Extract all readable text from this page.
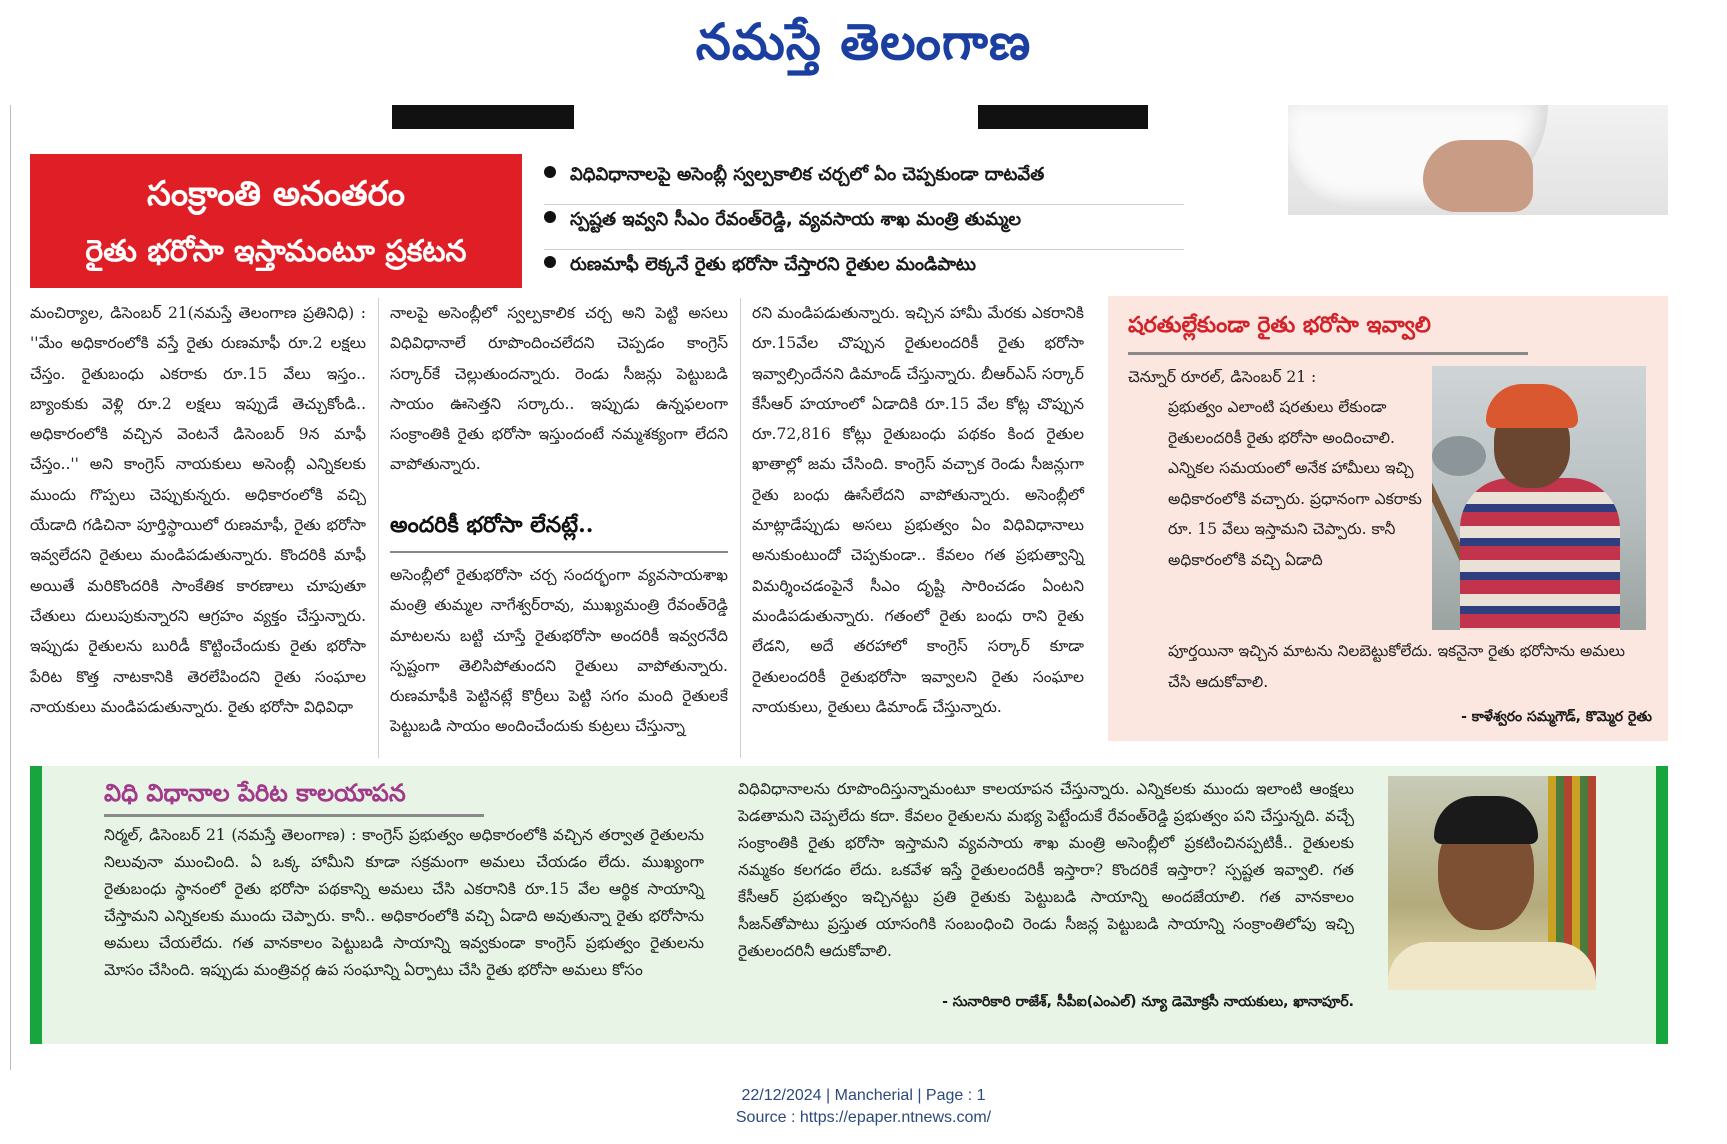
నమస్తే తెలంగాణ
సంక్రాంతి అనంతరం
రైతు భరోసా ఇస్తామంటూ ప్రకటన
విధివిధానాలపై అసెంబ్లీ స్వల్పకాలిక చర్చలో ఏం చెప్పకుండా దాటవేత
స్పష్టత ఇవ్వని సీఎం రేవంత్‌రెడ్డి, వ్యవసాయ శాఖ మంత్రి తుమ్మల
రుణమాఫీ లెక్కనే రైతు భరోసా చేస్తారని రైతుల మండిపాటు
మంచిర్యాల, డిసెంబర్ 21(నమస్తే తెలంగాణ ప్రతినిధి) : ''మేం అధికారంలోకి వస్తే రైతు రుణమాఫీ రూ.2 లక్షలు చేస్తం. రైతుబంధు ఎకరాకు రూ.15 వేలు ఇస్తం.. బ్యాంకుకు వెళ్లి రూ.2 లక్షలు ఇప్పుడే తెచ్చుకోండి.. అధికారంలోకి వచ్చిన వెంటనే డిసెంబర్ 9న మాఫీ చేస్తం..'' అని కాంగ్రెస్ నాయకులు అసెంబ్లీ ఎన్నికలకు ముందు గొప్పలు చెప్పుకున్నరు. అధికారంలోకి వచ్చి యేడాది గడిచినా పూర్తిస్థాయిలో రుణమాఫీ, రైతు భరోసా ఇవ్వలేదని రైతులు మండిపడుతున్నారు. కొందరికి మాఫీ అయితే మరికొందరికి సాంకేతిక కారణాలు చూపుతూ చేతులు దులుపుకున్నారని ఆగ్రహం వ్యక్తం చేస్తున్నారు. ఇప్పుడు రైతులను బురిడీ కొట్టించేందుకు రైతు భరోసా పేరిట కొత్త నాటకానికి తెరలేపిందని రైతు సంఘాల నాయకులు మండిపడుతున్నారు. రైతు భరోసా విధివిధా
నాలపై అసెంబ్లీలో స్వల్పకాలిక చర్చ అని పెట్టి అసలు విధివిధానాలే రూపొందించలేదని చెప్పడం కాంగ్రెస్ సర్కార్‌కే చెల్లుతుందన్నారు. రెండు సీజన్లు పెట్టుబడి సాయం ఊసెత్తని సర్కారు.. ఇప్పుడు ఉన్నఫలంగా సంక్రాంతికి రైతు భరోసా ఇస్తుందంటే నమ్మశక్యంగా లేదని వాపోతున్నారు.
అందరికీ భరోసా లేనట్లే..
అసెంబ్లీలో రైతుభరోసా చర్చ సందర్భంగా వ్యవసాయశాఖ మంత్రి తుమ్మల నాగేశ్వర్‌రావు, ముఖ్యమంత్రి రేవంత్‌రెడ్డి మాటలను బట్టి చూస్తే రైతుభరోసా అందరికీ ఇవ్వరనేది స్పష్టంగా తెలిసిపోతుందని రైతులు వాపోతున్నారు. రుణమాఫీకి పెట్టినట్లే కొర్రీలు పెట్టి సగం మంది రైతులకే పెట్టుబడి సాయం అందించేందుకు కుట్రలు చేస్తున్నా
రని మండిపడుతున్నారు. ఇచ్చిన హామీ మేరకు ఎకరానికి రూ.15వేల చొప్పున రైతులందరికీ రైతు భరోసా ఇవ్వాల్సిందేనని డిమాండ్ చేస్తున్నారు. బీఆర్‌ఎస్ సర్కార్ కేసీఆర్ హయాంలో ఏడాదికి రూ.15 వేల కోట్ల చొప్పున రూ.72,816 కోట్లు రైతుబంధు పథకం కింద రైతుల ఖాతాల్లో జమ చేసింది. కాంగ్రెస్ వచ్చాక రెండు సీజన్లుగా రైతు బంధు ఊసేలేదని వాపోతున్నారు. అసెంబ్లీలో మాట్లాడేప్పుడు అసలు ప్రభుత్వం ఏం విధివిధానాలు అనుకుంటుందో చెప్పకుండా.. కేవలం గత ప్రభుత్వాన్ని విమర్శించడంపైనే సీఎం దృష్టి సారించడం ఏంటని మండిపడుతున్నారు. గతంలో రైతు బంధు రాని రైతు లేడని, అదే తరహాలో కాంగ్రెస్ సర్కార్ కూడా రైతులందరికీ రైతుభరోసా ఇవ్వాలని రైతు సంఘాల నాయకులు, రైతులు డిమాండ్ చేస్తున్నారు.
షరతుల్లేకుండా రైతు భరోసా ఇవ్వాలి
చెన్నూర్ రూరల్, డిసెంబర్ 21 :
ప్రభుత్వం ఎలాంటి షరతులు లేకుండా రైతులందరికీ రైతు భరోసా అందించాలి. ఎన్నికల సమయంలో అనేక హామీలు ఇచ్చి అధికారంలోకి వచ్చారు. ప్రధానంగా ఎకరాకు రూ. 15 వేలు ఇస్తామని చెప్పారు. కానీ అధికారంలోకి వచ్చి ఏడాది
పూర్తయినా ఇచ్చిన మాటను నిలబెట్టుకోలేదు. ఇకనైనా రైతు భరోసాను అమలు చేసి ఆదుకోవాలి.
- కాళేశ్వరం సమ్మగౌడ్, కొమ్మెర రైతు
విధి విధానాల పేరిట కాలయాపన
నిర్మల్, డిసెంబర్ 21 (నమస్తే తెలంగాణ) : కాంగ్రెస్ ప్రభుత్వం అధికారంలోకి వచ్చిన తర్వాత రైతులను నిలువునా ముంచింది. ఏ ఒక్క హామీని కూడా సక్రమంగా అమలు చేయడం లేదు. ముఖ్యంగా రైతుబంధు స్థానంలో రైతు భరోసా పథకాన్ని అమలు చేసి ఎకరానికి రూ.15 వేల ఆర్థిక సాయాన్ని చేస్తామని ఎన్నికలకు ముందు చెప్పారు. కానీ.. అధికారంలోకి వచ్చి ఏడాది అవుతున్నా రైతు భరోసాను అమలు చేయలేదు. గత వానకాలం పెట్టుబడి సాయాన్ని ఇవ్వకుండా కాంగ్రెస్ ప్రభుత్వం రైతులను మోసం చేసింది. ఇప్పుడు మంత్రివర్గ ఉప సంఘాన్ని ఏర్పాటు చేసి రైతు భరోసా అమలు కోసం
విధివిధానాలను రూపొందిస్తున్నామంటూ కాలయాపన చేస్తున్నారు. ఎన్నికలకు ముందు ఇలాంటి ఆంక్షలు పెడతామని చెప్పలేదు కదా. కేవలం రైతులను మభ్య పెట్టేందుకే రేవంత్‌రెడ్డి ప్రభుత్వం పని చేస్తున్నది. వచ్చే సంక్రాంతికి రైతు భరోసా ఇస్తామని వ్యవసాయ శాఖ మంత్రి అసెంబ్లీలో ప్రకటించినప్పటికీ.. రైతులకు నమ్మకం కలగడం లేదు. ఒకవేళ ఇస్తే రైతులందరికీ ఇస్తారా? కొందరికే ఇస్తారా? స్పష్టత ఇవ్వాలి. గత కేసీఆర్ ప్రభుత్వం ఇచ్చినట్టు ప్రతి రైతుకు పెట్టుబడి సాయాన్ని అందజేయాలి. గత వానకాలం సీజన్‌తోపాటు ప్రస్తుత యాసంగికి సంబంధించి రెండు సీజన్ల పెట్టుబడి సాయాన్ని సంక్రాంతిలోపు ఇచ్చి రైతులందరినీ ఆదుకోవాలి.
- సునారికారి రాజేశ్, సీపీఐ(ఎంఎల్) న్యూ డెమోక్రసీ నాయకులు, ఖానాపూర్.
22/12/2024 | Mancherial | Page : 1
Source : https://epaper.ntnews.com/
